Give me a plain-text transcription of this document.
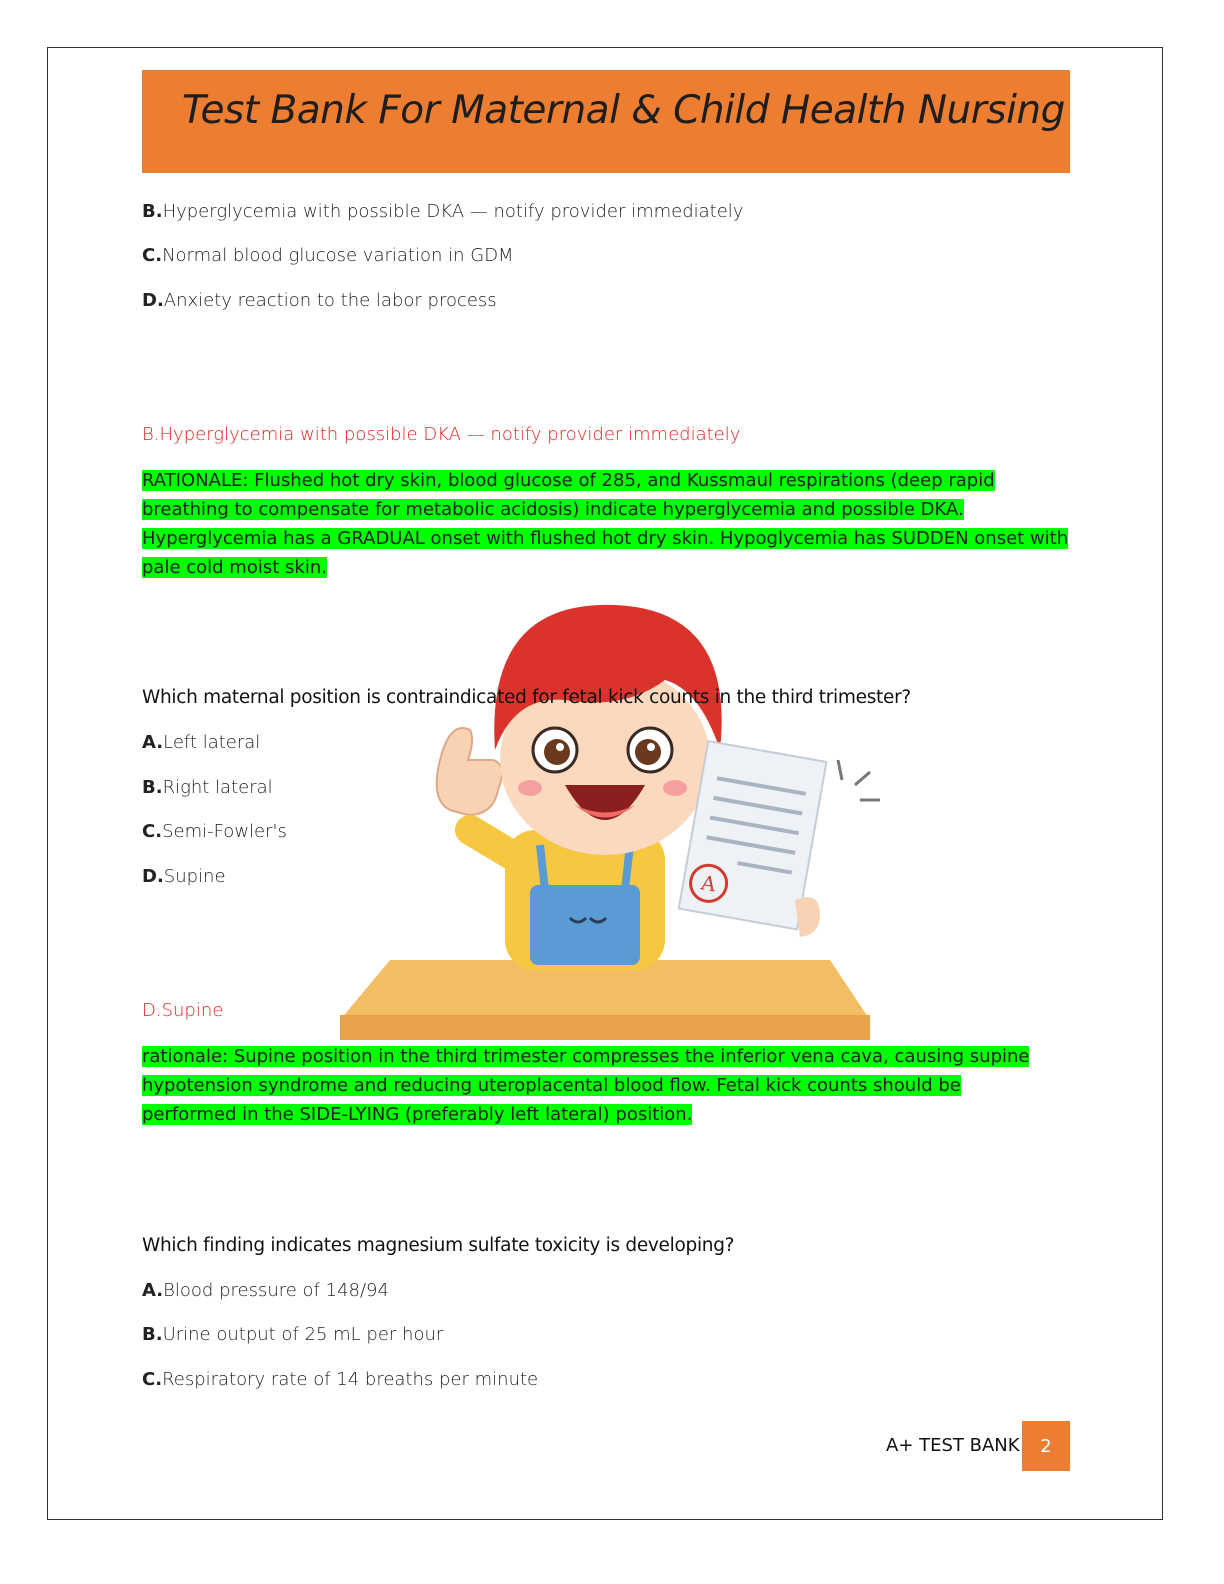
Test Bank For Maternal & Child Health Nursing
A
B.Hyperglycemia with possible DKA — notify provider immediately
C.Normal blood glucose variation in GDM
D.Anxiety reaction to the labor process
B.Hyperglycemia with possible DKA — notify provider immediately
RATIONALE: Flushed hot dry skin, blood glucose of 285, and Kussmaul respirations (deep rapid
breathing to compensate for metabolic acidosis) indicate hyperglycemia and possible DKA.
Hyperglycemia has a GRADUAL onset with flushed hot dry skin. Hypoglycemia has SUDDEN onset with
pale cold moist skin.
Which maternal position is contraindicated for fetal kick counts in the third trimester?
A.Left lateral
B.Right lateral
C.Semi-Fowler's
D.Supine
D.Supine
rationale: Supine position in the third trimester compresses the inferior vena cava, causing supine
hypotension syndrome and reducing uteroplacental blood flow. Fetal kick counts should be
performed in the SIDE-LYING (preferably left lateral) position.
Which finding indicates magnesium sulfate toxicity is developing?
A.Blood pressure of 148/94
B.Urine output of 25 mL per hour
C.Respiratory rate of 14 breaths per minute
A+ TEST BANK	2
